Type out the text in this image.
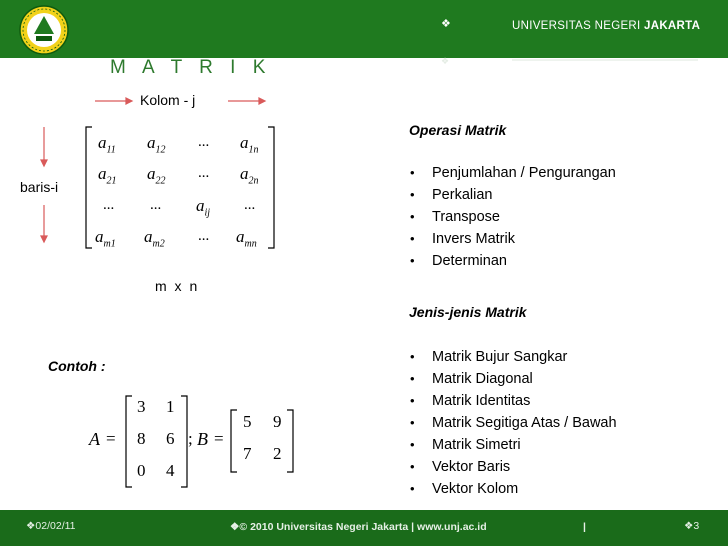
❖	UNIVERSITAS NEGERI JAKARTA
❖
M A T R I K
Kolom - j
baris-i
$a_{11}$ $a_{12}$ ... $a_{1n}$
$a_{21}$ $a_{22}$ ... $a_{2n}$
... ... $a_{ij}$ ...
$a_{m1}$ $a_{m2}$ ... $a_{mn}$
m x n
Contoh :
A =
3 1
8 6
0 4
; B =
5 9
7 2
Operasi Matrik
• Penjumlahan / Pengurangan
• Perkalian
• Transpose
• Invers Matrik
• Determinan
Jenis-jenis Matrik
• Matrik Bujur Sangkar
• Matrik Diagonal
• Matrik Identitas
• Matrik Segitiga Atas / Bawah
• Matrik Simetri
• Vektor Baris
• Vektor Kolom
❖02/02/11	❖© 2010 Universitas Negeri Jakarta | www.unj.ac.id	|	❖3
